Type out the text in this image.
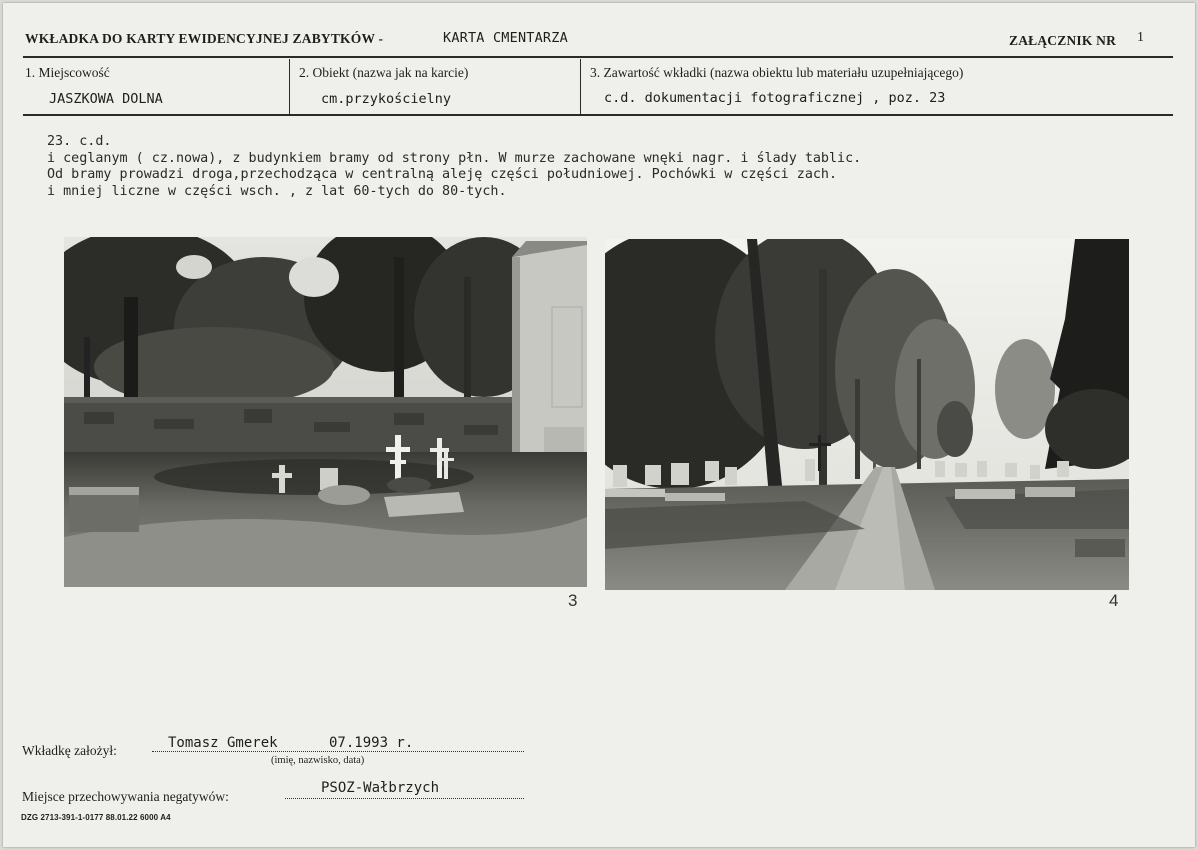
WKŁADKA DO KARTY EWIDENCYJNEJ ZABYTKÓW -	KARTA CMENTARZA	ZAŁĄCZNIK NR 1
1. Miejscowość
JASZKOWA DOLNA
2. Obiekt (nazwa jak na karcie)
cm.przykościelny
3. Zawartość wkładki (nazwa obiektu lub materiału uzupełniającego)
c.d. dokumentacji fotograficznej , poz. 23
23. c.d.
i ceglanym ( cz.nowa), z budynkiem bramy od strony płn. W murze zachowane wnęki nagr. i ślady tablic.
Od bramy prowadzi droga,przechodząca w centralną aleję części południowej. Pochówki w części zach.
i mniej liczne w części wsch. , z lat 60-tych do 80-tych.
3	4
Wkładkę założył:	Tomasz Gmerek	07.1993 r.
(imię, nazwisko, data)
Miejsce przechowywania negatywów:
PSOZ-Wałbrzych
DZG 2713-391-1-0177 88.01.22 6000 A4
